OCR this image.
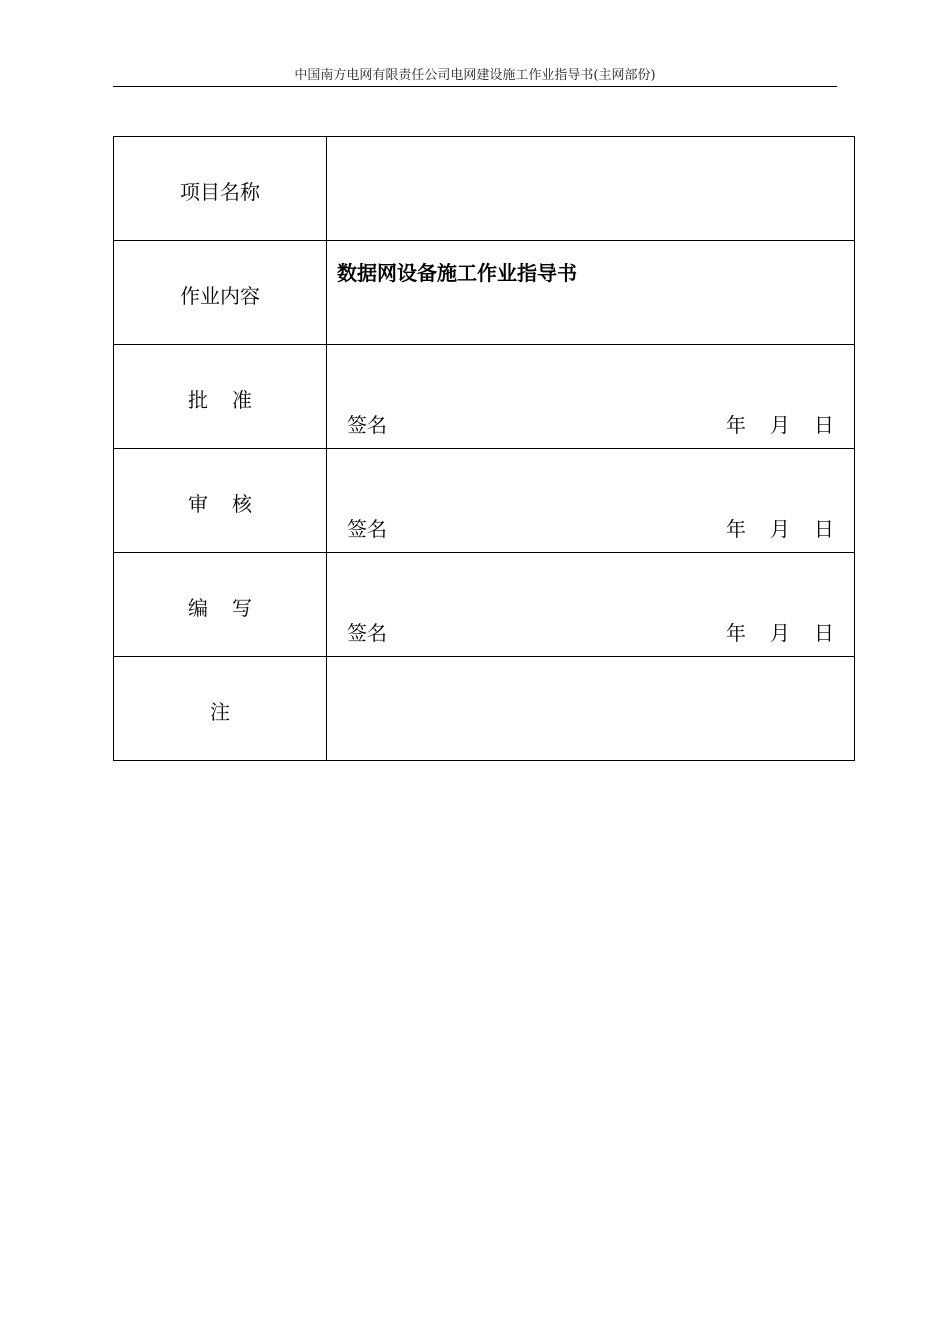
中国南方电网有限责任公司电网建设施工作业指导书(主网部份)
项目名称	

作业内容	数据网设备施工作业指导书

批准	签名 年 月 日

审核	签名 年 月 日

编写	签名 年 月 日

注	
